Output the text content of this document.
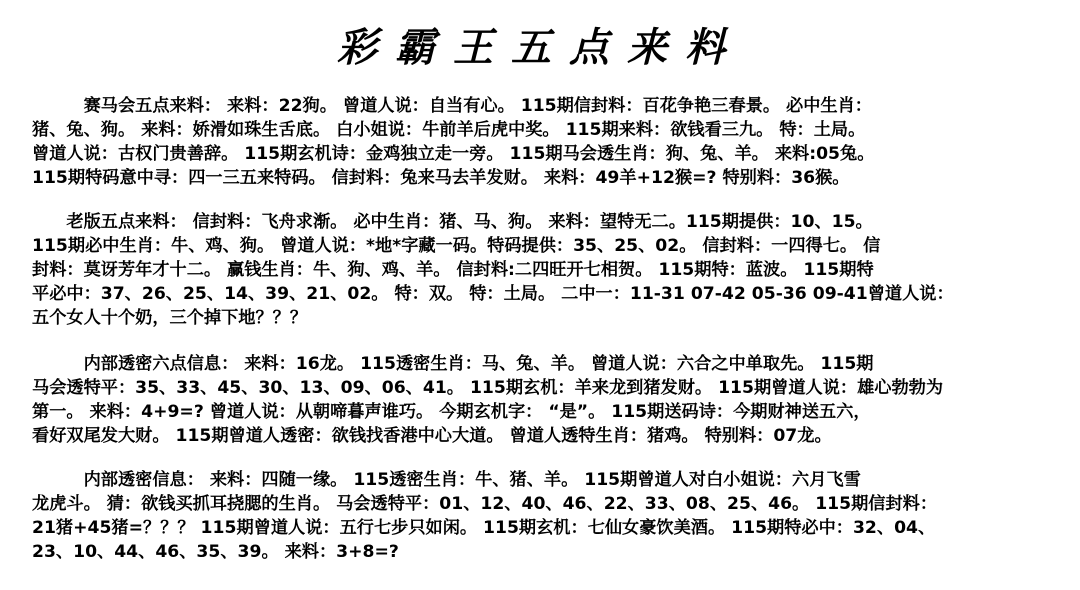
彩霸王五点来料
　　　赛马会五点来料： 来料：22狗。 曾道人说：自当有心。 115期信封料：百花争艳三春景。 必中生肖：
猪、兔、狗。 来料：娇滑如珠生舌底。 白小姐说：牛前羊后虎中奖。 115期来料：欲钱看三九。 特：土局。
曾道人说：古权门贵善辞。 115期玄机诗：金鸡独立走一旁。 115期马会透生肖：狗、兔、羊。 来料:05兔。
115期特码意中寻：四一三五来特码。 信封料：兔来马去羊发财。 来料：49羊+12猴=? 特别料：36猴。
　　老版五点来料： 信封料：飞舟求渐。 必中生肖：猪、马、狗。 来料：望特无二。115期提供：10、15。
115期必中生肖：牛、鸡、狗。 曾道人说：*地*字藏一码。特码提供：35、25、02。 信封料：一四得七。 信
封料：莫讶芳年才十二。 赢钱生肖：牛、狗、鸡、羊。 信封料:二四旺开七相贺。 115期特：蓝波。 115期特
平必中：37、26、25、14、39、21、02。 特：双。 特：土局。 二中一：11-31 07-42 05-36 09-41曾道人说：
五个女人十个奶，三个掉下地？？？
　　　内部透密六点信息： 来料：16龙。 115透密生肖：马、兔、羊。 曾道人说：六合之中单取先。 115期
马会透特平：35、33、45、30、13、09、06、41。 115期玄机：羊来龙到猪发财。 115期曾道人说：雄心勃勃为
第一。 来料：4+9=? 曾道人说：从朝啼暮声谁巧。 今期玄机字： “是”。 115期送码诗：今期财神送五六，
看好双尾发大财。 115期曾道人透密：欲钱找香港中心大道。 曾道人透特生肖：猪鸡。 特别料：07龙。
　　　内部透密信息： 来料：四随一缘。 115透密生肖：牛、猪、羊。 115期曾道人对白小姐说：六月飞雪
龙虎斗。 猜：欲钱买抓耳挠腮的生肖。 马会透特平：01、12、40、46、22、33、08、25、46。 115期信封料：
21猪+45猪=？？？ 115期曾道人说：五行七步只如闲。 115期玄机：七仙女豪饮美酒。 115期特必中：32、04、
23、10、44、46、35、39。 来料：3+8=?
